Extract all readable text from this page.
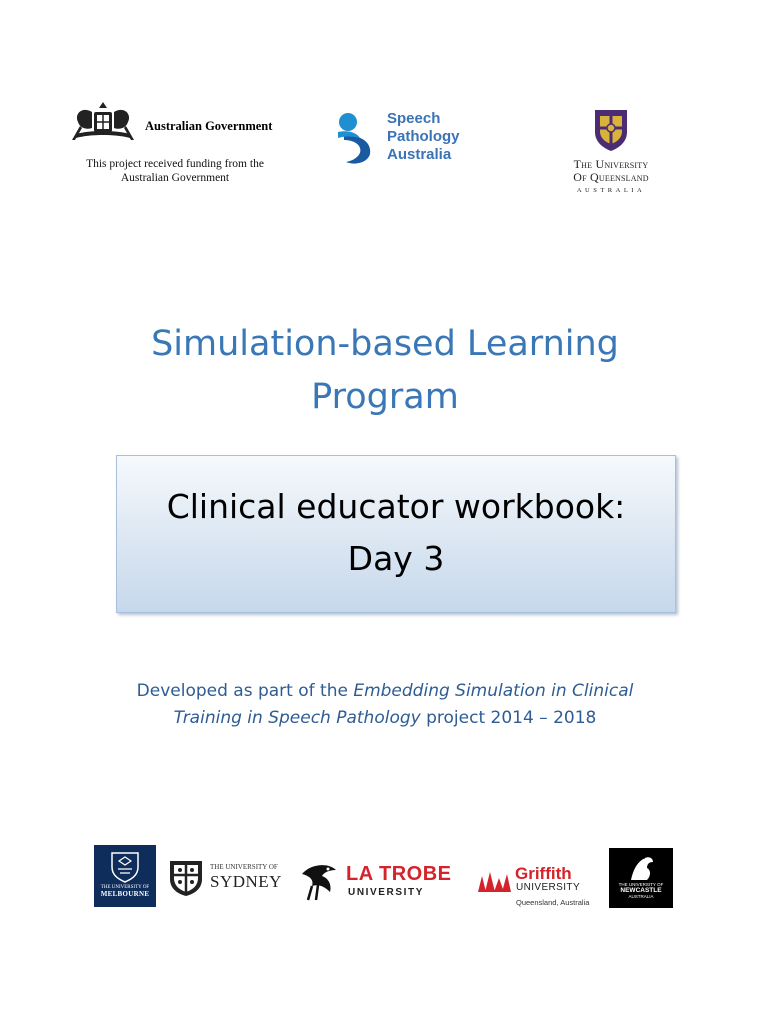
Australian Government
This project received funding from the
Australian Government
Speech
Pathology
Australia
The University
Of Queensland
AUSTRALIA
Simulation-based Learning
Program
Clinical educator workbook:
Day 3
Developed as part of the Embedding Simulation in Clinical
Training in Speech Pathology project 2014 – 2018
THE UNIVERSITY OF
MELBOURNE
THE UNIVERSITY OF
SYDNEY	LA TROBE
UNIVERSITY
Griffith
UNIVERSITY
Queensland, Australia
THE UNIVERSITY OF
NEWCASTLE
AUSTRALIA
